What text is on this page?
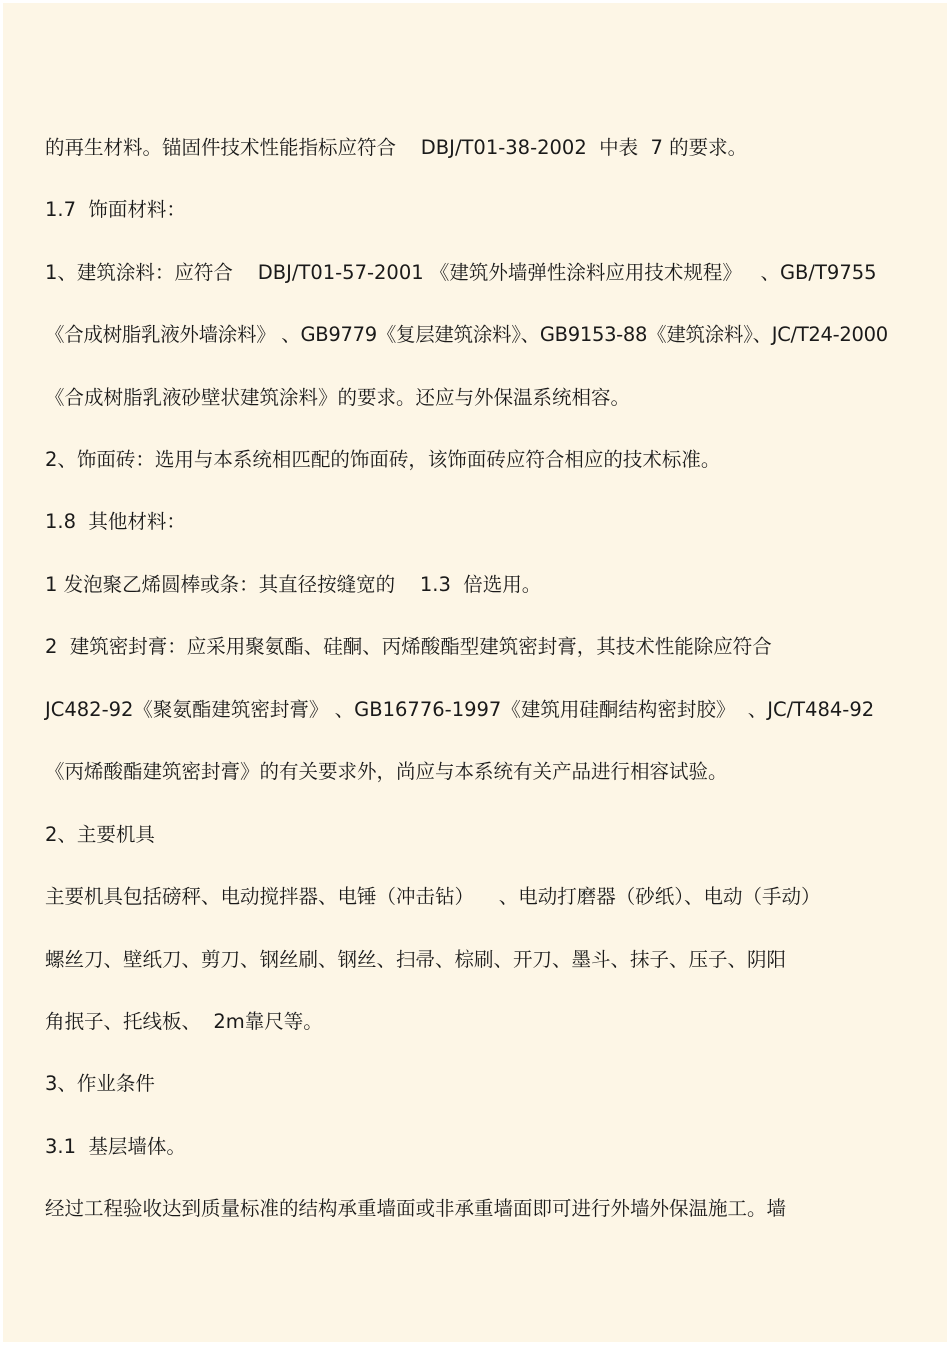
的再生材料。锚固件技术性能指标应符合    DBJ/T01-38-2002  中表  7 的要求。

1.7  饰面材料：

1、建筑涂料：应符合    DBJ/T01-57-2001 《建筑外墙弹性涂料应用技术规程》   、GB/T9755

《合成树脂乳液外墙涂料》 、GB9779《复层建筑涂料》、GB9153-88《建筑涂料》、JC/T24-2000

《合成树脂乳液砂壁状建筑涂料》的要求。还应与外保温系统相容。

2、饰面砖：选用与本系统相匹配的饰面砖，该饰面砖应符合相应的技术标准。

1.8  其他材料：

1 发泡聚乙烯圆棒或条：其直径按缝宽的    1.3  倍选用。

2  建筑密封膏：应采用聚氨酯、硅酮、丙烯酸酯型建筑密封膏，其技术性能除应符合

JC482-92《聚氨酯建筑密封膏》 、GB16776-1997《建筑用硅酮结构密封胶》  、JC/T484-92

《丙烯酸酯建筑密封膏》的有关要求外，尚应与本系统有关产品进行相容试验。

2、主要机具

主要机具包括磅秤、电动搅拌器、电锤（冲击钻）    、电动打磨器（砂纸）、电动（手动）

螺丝刀、壁纸刀、剪刀、钢丝刷、钢丝、扫帚、棕刷、开刀、墨斗、抹子、压子、阴阳

角抿子、托线板、  2m靠尺等。

3、作业条件

3.1  基层墙体。

经过工程验收达到质量标准的结构承重墙面或非承重墙面即可进行外墙外保温施工。墙
